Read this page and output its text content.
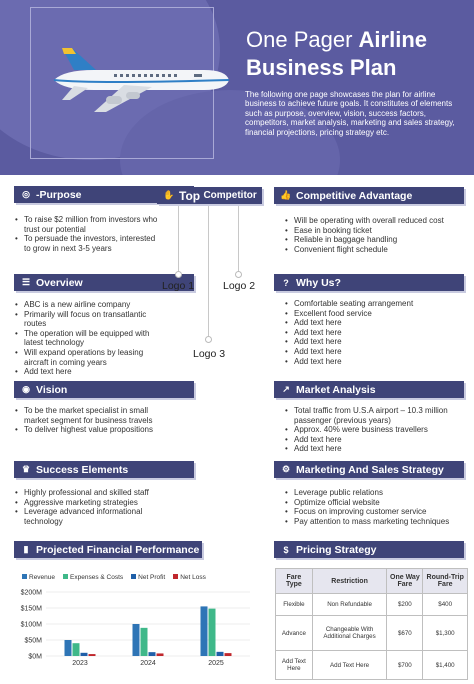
One Pager Airline
Business Plan
The following one page showcases the plan for airline business to achieve future goals. It constitutes of elements such as purpose, overview, vision, success factors, competitors, market analysis, marketing and sales strategy, financial projections, pricing strategy etc.
◎ -Purpose
• To raise $2 million from investors who trust our potential
• To persuade the investors, interested to grow in next 3-5 years
☰ Overview
• ABC is a new airline company
• Primarily will focus on transatlantic routes
• The operation will be equipped with latest technology
• Will expand operations by leasing aircraft in coming years
• Add text here
◉ Vision
• To be the market specialist in small market segment for business travels
• To deliver highest value propositions
♛ Success Elements
• Highly professional and skilled staff
• Aggressive marketing strategies
• Leverage advanced informational technology
▮ Projected Financial Performance
✋ Top
Competitor
Logo 1	Logo 2
Logo 3
👍 Competitive Advantage
• Will be operating with overall reduced cost
• Ease in booking ticket
• Reliable in baggage handling
• Convenient flight schedule
? Why Us?
• Comfortable seating arrangement
• Excellent food service
• Add text here
• Add text here
• Add text here
• Add text here
• Add text here
↗ Market Analysis
• Total traffic from U.S.A airport – 10.3 million passenger (previous years)
• Approx. 40% were business travellers
• Add text here
• Add text here
⚙ Marketing And Sales Strategy
• Leverage public relations
• Optimize official website
• Focus on improving customer service
• Pay attention to mass marketing techniques
$ Pricing Strategy
Fare Type	Restriction	One Way Fare	Round-Trip Fare
Flexible	Non Refundable	$200	$400
Advance	Changeable With Additional Charges	$670	$1,300
Add Text Here	Add Text Here	$700	$1,400
Revenue	Expenses & Costs	Net Profit	Net Loss
$0M
$50M
$100M
$150M
$200M
2023	2024	2025
